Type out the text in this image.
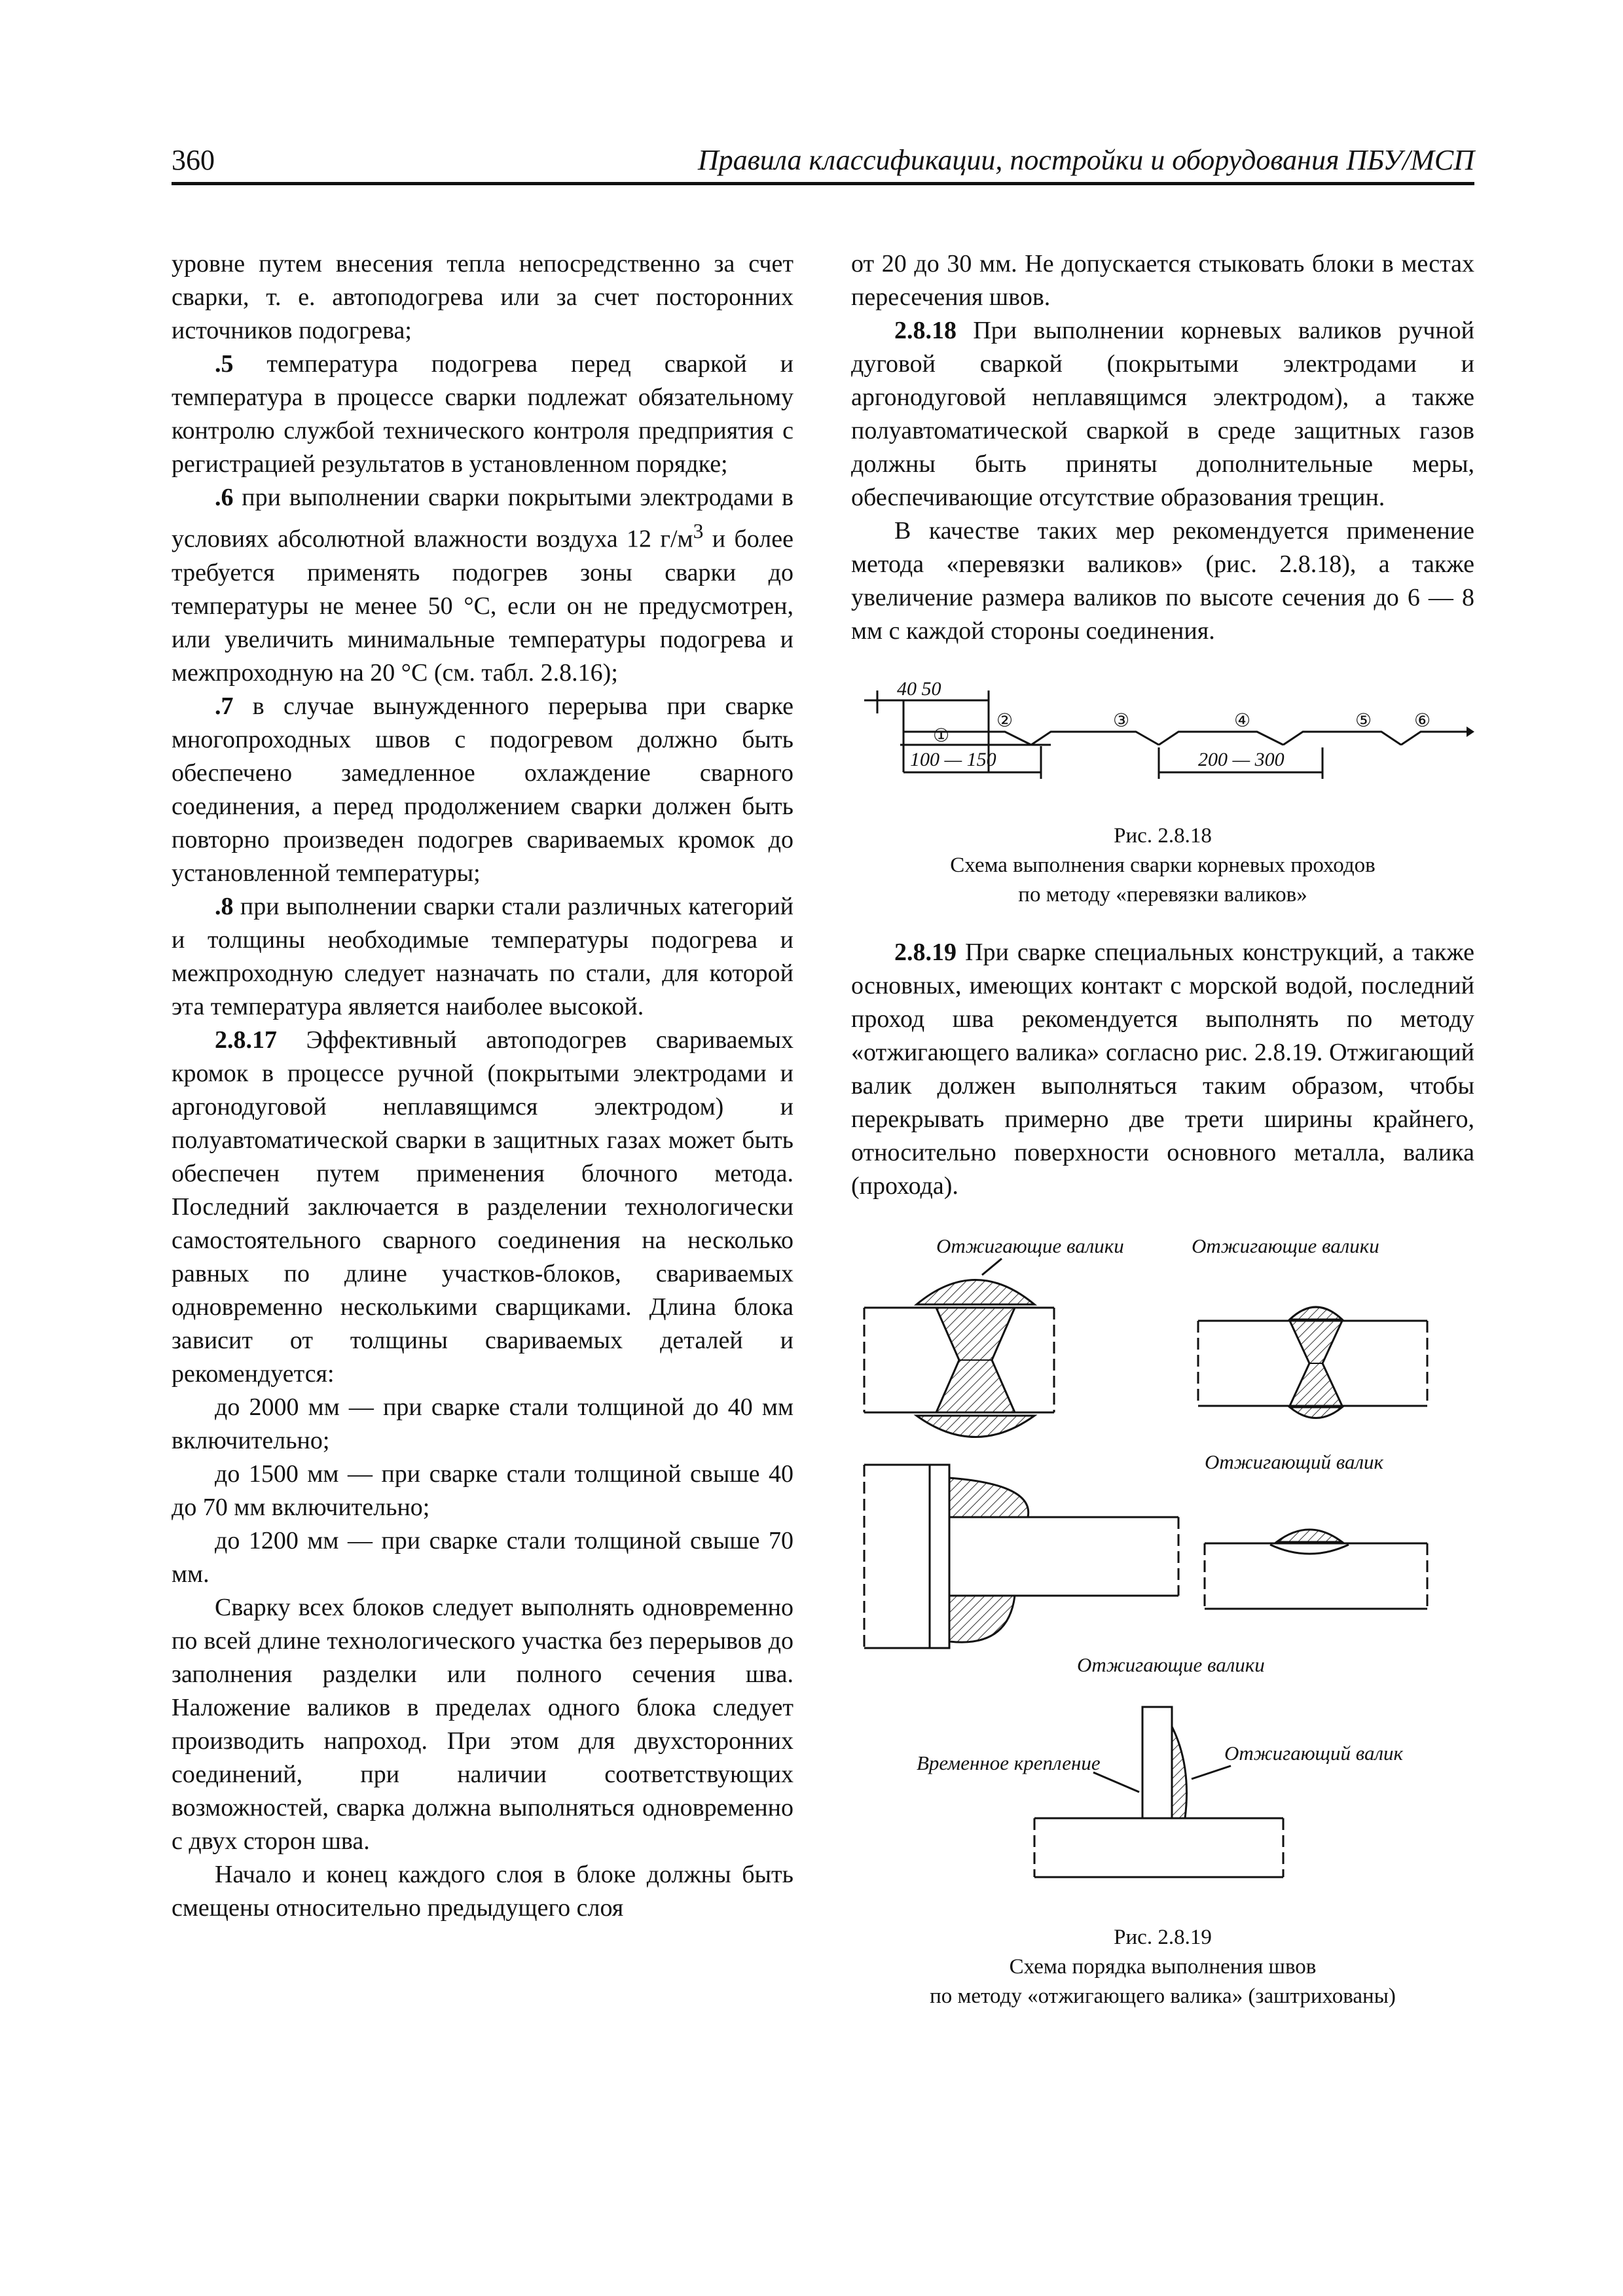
360	Правила классификации, постройки и оборудования ПБУ/МСП

уровне путем внесения тепла непосредственно за счет сварки, т. е. автоподогрева или за счет посторонних источников подогрева;

.5 температура подогрева перед сваркой и температура в процессе сварки подлежат обязательному контролю службой технического контроля предприятия с регистрацией результатов в установленном порядке;

.6 при выполнении сварки покрытыми электродами в условиях абсолютной влажности воздуха 12 $г/м^3$ и более требуется применять подогрев зоны сварки до температуры не менее 50 °С, если он не предусмотрен, или увеличить минимальные температуры подогрева и межпроходную на 20 °С (см. табл. 2.8.16);

.7 в случае вынужденного перерыва при сварке многопроходных швов с подогревом должно быть обеспечено замедленное охлаждение сварного соединения, а перед продолжением сварки должен быть повторно произведен подогрев свариваемых кромок до установленной температуры;

.8 при выполнении сварки стали различных категорий и толщины необходимые температуры подогрева и межпроходную следует назначать по стали, для которой эта температура является наиболее высокой.

2.8.17 Эффективный автоподогрев свариваемых кромок в процессе ручной (покрытыми электродами и аргонодуговой неплавящимся электродом) и полуавтоматической сварки в защитных газах может быть обеспечен путем применения блочного метода. Последний заключается в разделении технологически самостоятельного сварного соединения на несколько равных по длине участков-блоков, свариваемых одновременно несколькими сварщиками. Длина блока зависит от толщины свариваемых деталей и рекомендуется:

до 2000 мм — при сварке стали толщиной до 40 мм включительно;

до 1500 мм — при сварке стали толщиной свыше 40 до 70 мм включительно;

до 1200 мм — при сварке стали толщиной свыше 70 мм.

Сварку всех блоков следует выполнять одновременно по всей длине технологического участка без перерывов до заполнения разделки или полного сечения шва. Наложение валиков в пределах одного блока следует производить напроход. При этом для двухсторонних соединений, при наличии соответствующих возможностей, сварка должна выполняться одновременно с двух сторон шва.

Начало и конец каждого слоя в блоке должны быть смещены относительно предыдущего слоя

от 20 до 30 мм. Не допускается стыковать блоки в местах пересечения швов.

2.8.18 При выполнении корневых валиков ручной дуговой сваркой (покрытыми электродами и аргонодуговой неплавящимся электродом), а также полуавтоматической сваркой в среде защитных газов должны быть приняты дополнительные меры, обеспечивающие отсутствие образования трещин.

В качестве таких мер рекомендуется применение метода «перевязки валиков» (рис. 2.8.18), а также увеличение размера валиков по высоте сечения до 6 — 8 мм с каждой стороны соединения.

40 50
100 — 150	200 — 300
①
②	③	④	⑤ ⑥
Рис. 2.8.18
Схема выполнения сварки корневых проходов
по методу «перевязки валиков»

2.8.19 При сварке специальных конструкций, а также основных, имеющих контакт с морской водой, последний проход шва рекомендуется выполнять по методу «отжигающего валика» согласно рис. 2.8.19. Отжигающий валик должен выполняться таким образом, чтобы перекрывать примерно две трети ширины крайнего, относительно поверхности основного металла, валика (прохода).

Отжигающие валики	Отжигающие валики
Отжигающий валик
Отжигающие валики
Временное крепление	Отжигающий валик
Рис. 2.8.19
Схема порядка выполнения швов
по методу «отжигающего валика» (заштрихованы)
